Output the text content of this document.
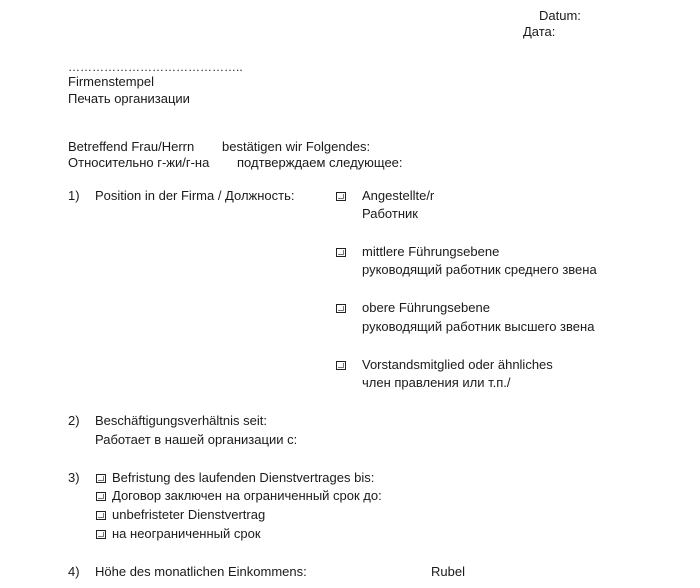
Datum:
Дата:
……………………………………..
Firmenstempel
Печать организации
Betreffend Frau/Herrn bestätigen wir Folgendes:
Относительно г-жи/г-на подтверждаем следующее:
1) Position in der Firma / Должность:	Angestellte/r
Работник
mittlere Führungsebene
руководящий работник среднего звена
obere Führungsebene
руководящий работник высшего звена
Vorstandsmitglied oder ähnliches
член правления или т.п./
2) Beschäftigungsverhältnis seit:
Работает в нашей организации с:
3) Befristung des laufenden Dienstvertrages bis:
Договор заключен на ограниченный срок до:
unbefristeter Dienstvertrag
на неограниченный срок
4) Höhe des monatlichen Einkommens:	Rubel
